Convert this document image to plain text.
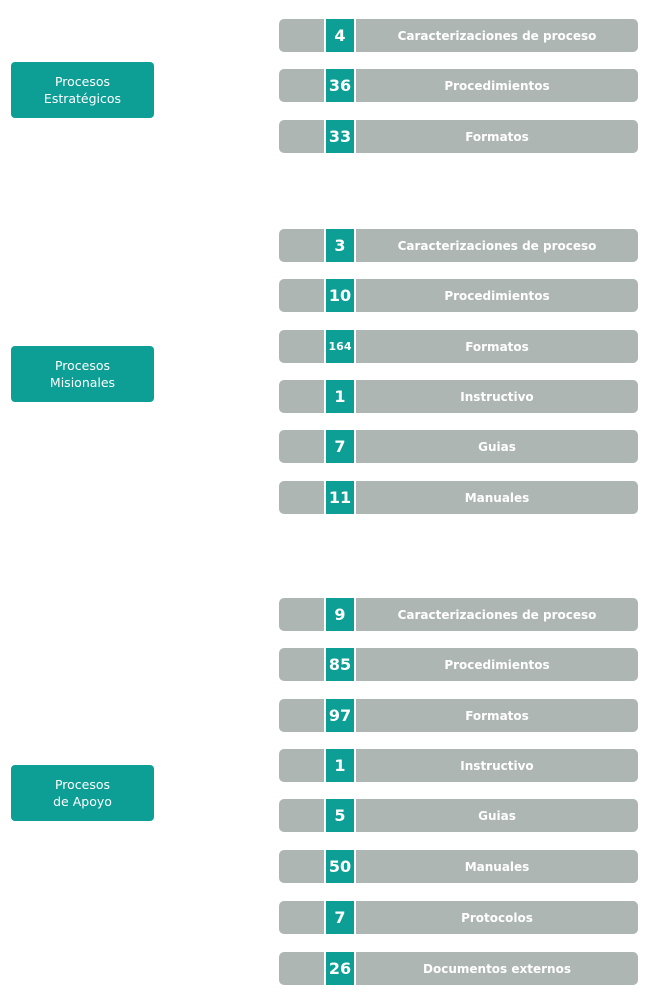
Procesos
Estratégicos
4	Caracterizaciones de proceso
36	Procedimientos
33	Formatos
Procesos
Misionales
3	Caracterizaciones de proceso
10	Procedimientos
164	Formatos
1	Instructivo
7	Guias
11	Manuales
Procesos
de Apoyo
9	Caracterizaciones de proceso
85	Procedimientos
97	Formatos
1	Instructivo
5	Guias
50	Manuales
7	Protocolos
26	Documentos externos
